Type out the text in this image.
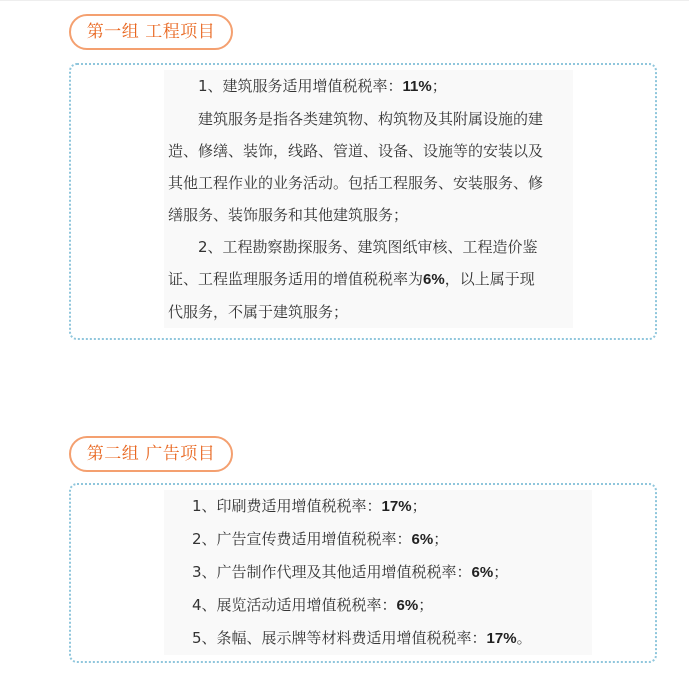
第一组 工程项目

1、建筑服务适用增值税税率：11%；

建筑服务是指各类建筑物、构筑物及其附属设施的建

造、修缮、装饰，线路、管道、设备、设施等的安装以及

其他工程作业的业务活动。包括工程服务、安装服务、修

缮服务、装饰服务和其他建筑服务；

2、工程勘察勘探服务、建筑图纸审核、工程造价鉴

证、工程监理服务适用的增值税税率为6%，以上属于现

代服务，不属于建筑服务；

第二组 广告项目

1、印刷费适用增值税税率：17%；

2、广告宣传费适用增值税税率：6%；

3、广告制作代理及其他适用增值税税率：6%；

4、展览活动适用增值税税率：6%；

5、条幅、展示牌等材料费适用增值税税率：17%。
